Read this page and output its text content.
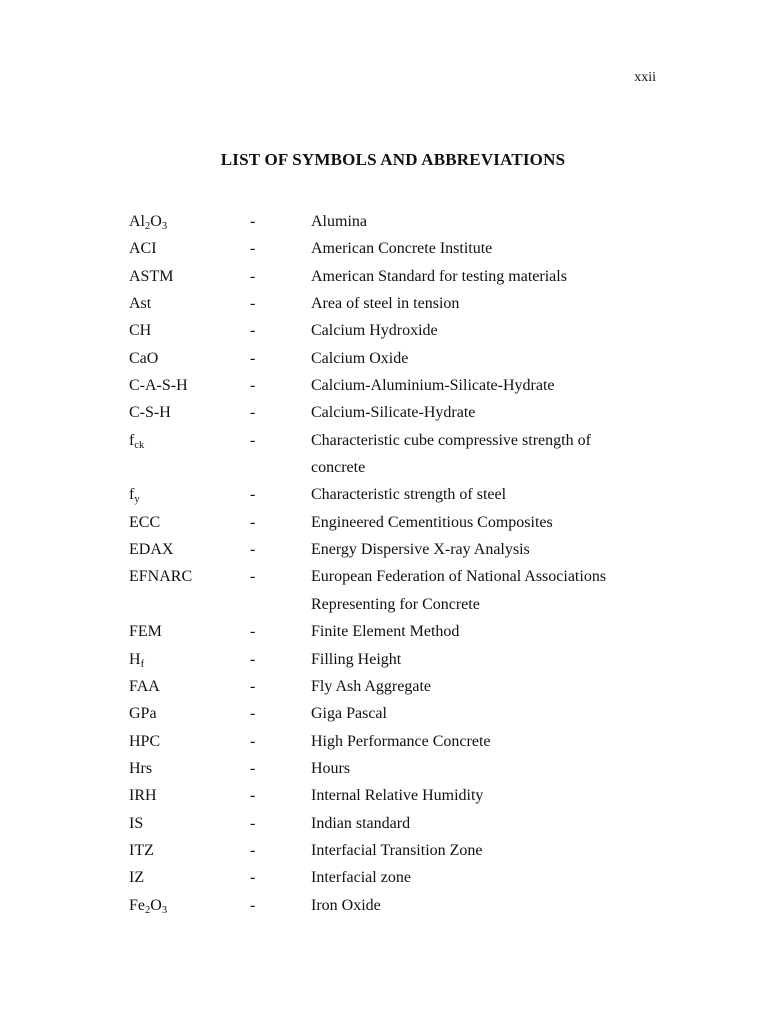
xxii
LIST OF SYMBOLS AND ABBREVIATIONS
$Al_2O_3$	-	Alumina
ACI	-	American Concrete Institute
ASTM	-	American Standard for testing materials
Ast	-	Area of steel in tension
CH	-	Calcium Hydroxide
CaO	-	Calcium Oxide
C-A-S-H	-	Calcium-Aluminium-Silicate-Hydrate
C-S-H	-	Calcium-Silicate-Hydrate
$f_{ck}$	-	Characteristic cube compressive strength of
concrete
$f_y$	-	Characteristic strength of steel
ECC	-	Engineered Cementitious Composites
EDAX	-	Energy Dispersive X-ray Analysis
EFNARC	-	European Federation of National Associations
Representing for Concrete
FEM	-	Finite Element Method
$H_f$	-	Filling Height
FAA	-	Fly Ash Aggregate
GPa	-	Giga Pascal
HPC	-	High Performance Concrete
Hrs	-	Hours
IRH	-	Internal Relative Humidity
IS	-	Indian standard
ITZ	-	Interfacial Transition Zone
IZ	-	Interfacial zone
$Fe_2O_3$	-	Iron Oxide
